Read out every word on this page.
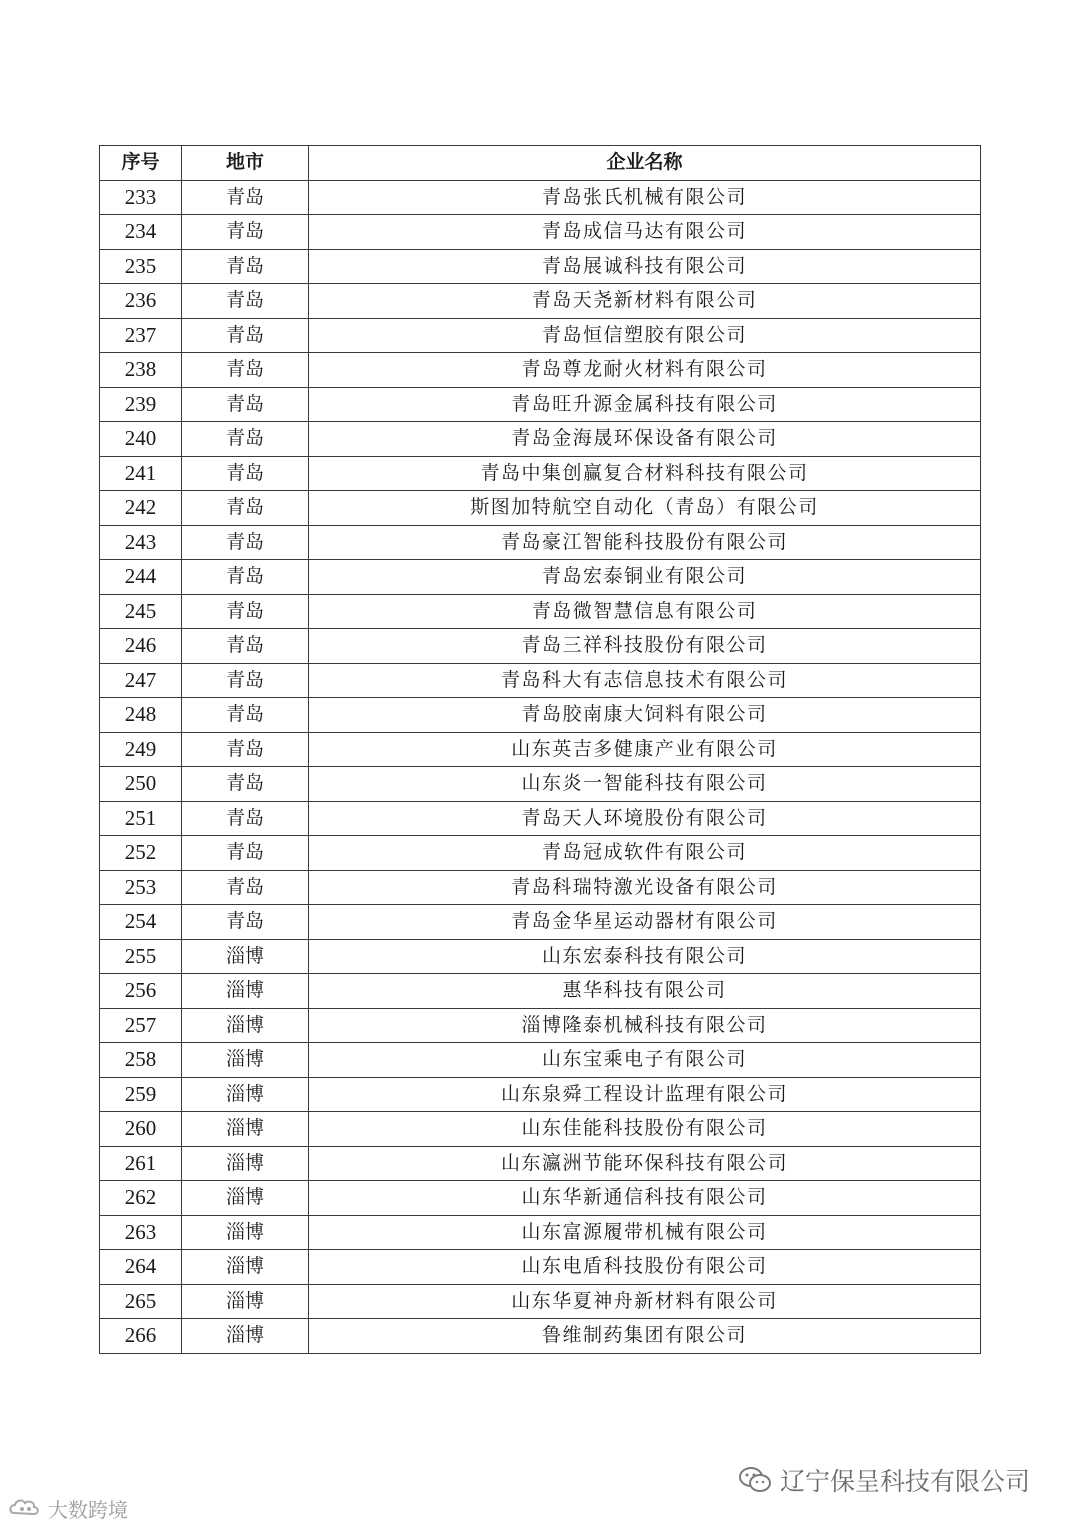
序号	地市	企业名称
233	青岛	青岛张氏机械有限公司
234	青岛	青岛成信马达有限公司
235	青岛	青岛展诚科技有限公司
236	青岛	青岛天尧新材料有限公司
237	青岛	青岛恒信塑胶有限公司
238	青岛	青岛尊龙耐火材料有限公司
239	青岛	青岛旺升源金属科技有限公司
240	青岛	青岛金海晟环保设备有限公司
241	青岛	青岛中集创赢复合材料科技有限公司
242	青岛	斯图加特航空自动化（青岛）有限公司
243	青岛	青岛豪江智能科技股份有限公司
244	青岛	青岛宏泰铜业有限公司
245	青岛	青岛微智慧信息有限公司
246	青岛	青岛三祥科技股份有限公司
247	青岛	青岛科大有志信息技术有限公司
248	青岛	青岛胶南康大饲料有限公司
249	青岛	山东英吉多健康产业有限公司
250	青岛	山东炎一智能科技有限公司
251	青岛	青岛天人环境股份有限公司
252	青岛	青岛冠成软件有限公司
253	青岛	青岛科瑞特激光设备有限公司
254	青岛	青岛金华星运动器材有限公司
255	淄博	山东宏泰科技有限公司
256	淄博	惠华科技有限公司
257	淄博	淄博隆泰机械科技有限公司
258	淄博	山东宝乘电子有限公司
259	淄博	山东泉舜工程设计监理有限公司
260	淄博	山东佳能科技股份有限公司
261	淄博	山东瀛洲节能环保科技有限公司
262	淄博	山东华新通信科技有限公司
263	淄博	山东富源履带机械有限公司
264	淄博	山东电盾科技股份有限公司
265	淄博	山东华夏神舟新材料有限公司
266	淄博	鲁维制药集团有限公司
大数跨境
辽宁保呈科技有限公司
